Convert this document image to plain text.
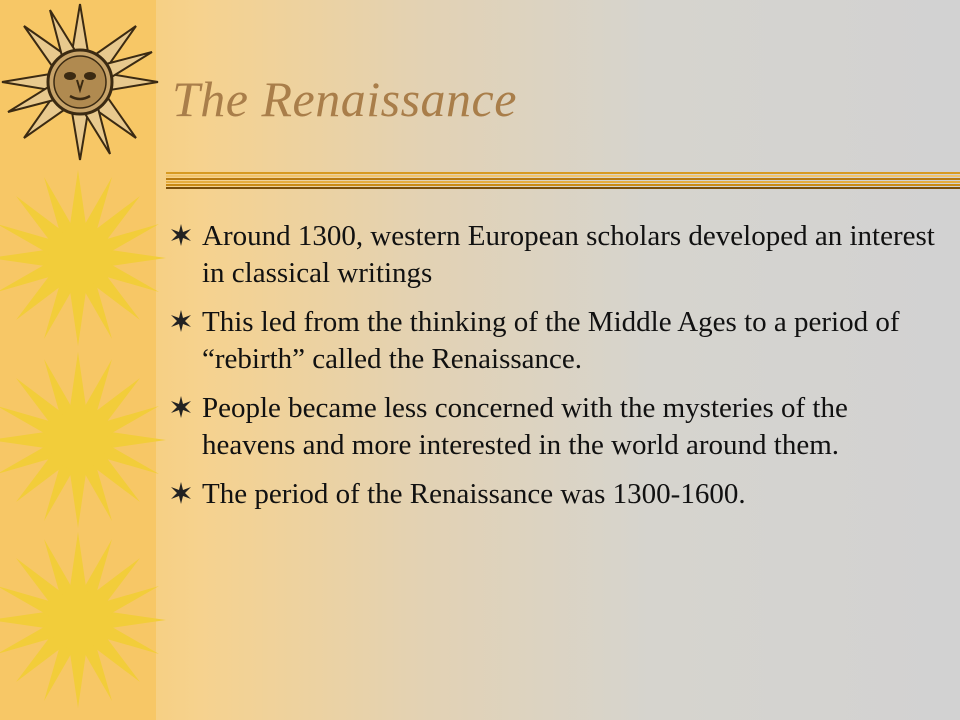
The Renaissance
Around 1300, western European scholars developed an interest in classical writings
This led from the thinking of the Middle Ages to a period of “rebirth” called the Renaissance.
People became less concerned with the mysteries of the heavens and more interested in the world around them.
The period of the Renaissance was 1300-1600.
